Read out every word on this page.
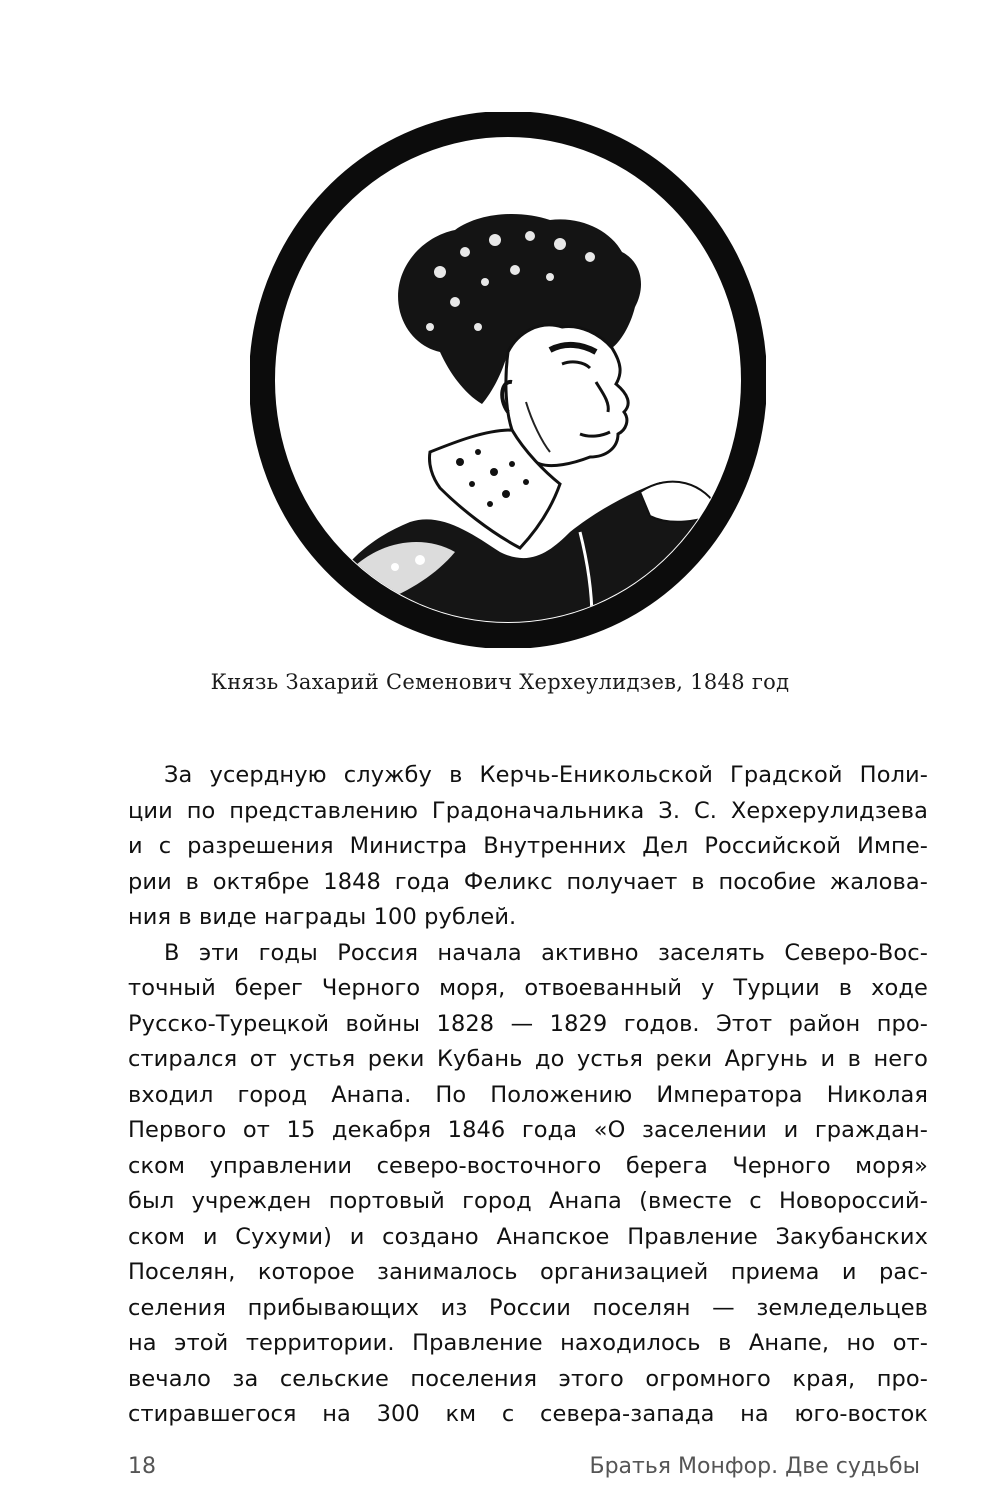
Князь Захарий Семенович Херхеулидзев, 1848 год
За усердную службу в Керчь-Еникольской Градской Поли-
ции по представлению Градоначальника З. С. Херхерулидзева
и с разрешения Министра Внутренних Дел Российской Импе-
рии в октябре 1848 года Феликс получает в пособие жалова-
ния в виде награды 100 рублей.
В эти годы Россия начала активно заселять Северо-Вос-
точный берег Черного моря, отвоеванный у Турции в ходе
Русско-Турецкой войны 1828 — 1829 годов. Этот район про-
стирался от устья реки Кубань до устья реки Аргунь и в него
входил город Анапа. По Положению Императора Николая
Первого от 15 декабря 1846 года «О заселении и граждан-
ском управлении северо-восточного берега Черного моря»
был учрежден портовый город Анапа (вместе с Новороссий-
ском и Сухуми) и создано Анапское Правление Закубанских
Поселян, которое занималось организацией приема и рас-
селения прибывающих из России поселян — земледельцев
на этой территории. Правление находилось в Анапе, но от-
вечало за сельские поселения этого огромного края, про-
стиравшегося на 300 км с севера-запада на юго-восток
18	Братья Монфор. Две судьбы
